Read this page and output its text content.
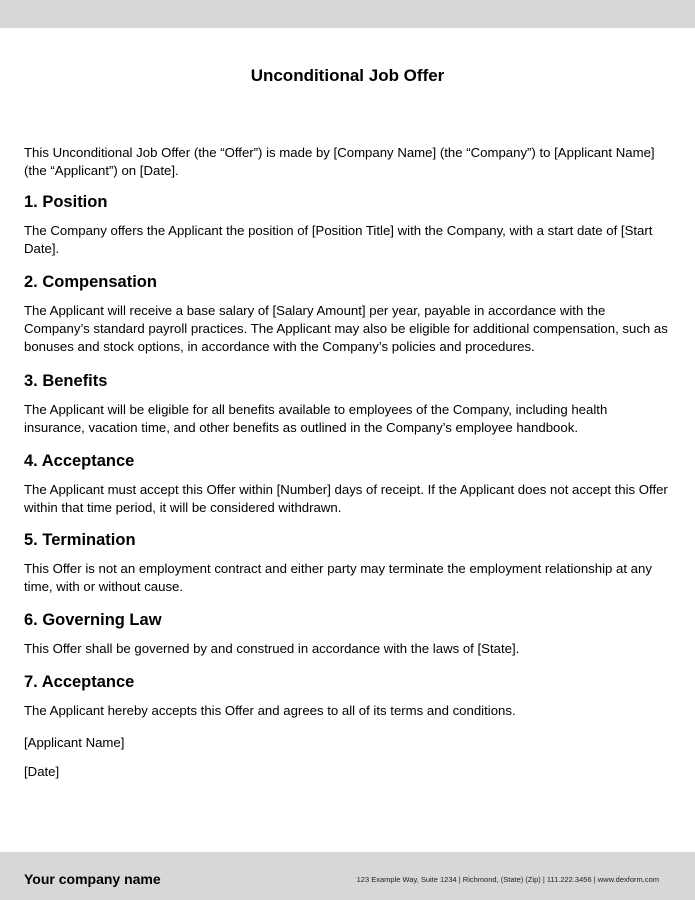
Unconditional Job Offer
This Unconditional Job Offer (the “Offer”) is made by [Company Name] (the “Company”) to [Applicant Name] (the “Applicant”) on [Date].
1. Position

The Company offers the Applicant the position of [Position Title] with the Company, with a start date of [Start Date].

2. Compensation

The Applicant will receive a base salary of [Salary Amount] per year, payable in accordance with the Company’s standard payroll practices. The Applicant may also be eligible for additional compensation, such as bonuses and stock options, in accordance with the Company’s policies and procedures.

3. Benefits

The Applicant will be eligible for all benefits available to employees of the Company, including health insurance, vacation time, and other benefits as outlined in the Company’s employee handbook.

4. Acceptance

The Applicant must accept this Offer within [Number] days of receipt. If the Applicant does not accept this Offer within that time period, it will be considered withdrawn.

5. Termination

This Offer is not an employment contract and either party may terminate the employment relationship at any time, with or without cause.

6. Governing Law

This Offer shall be governed by and construed in accordance with the laws of [State].

7. Acceptance

The Applicant hereby accepts this Offer and agrees to all of its terms and conditions.

[Applicant Name]
[Date]
Your company name	123 Example Way, Suite 1234 | Richmond, (State) (Zip) | 111.222.3456 | www.dexform.com
